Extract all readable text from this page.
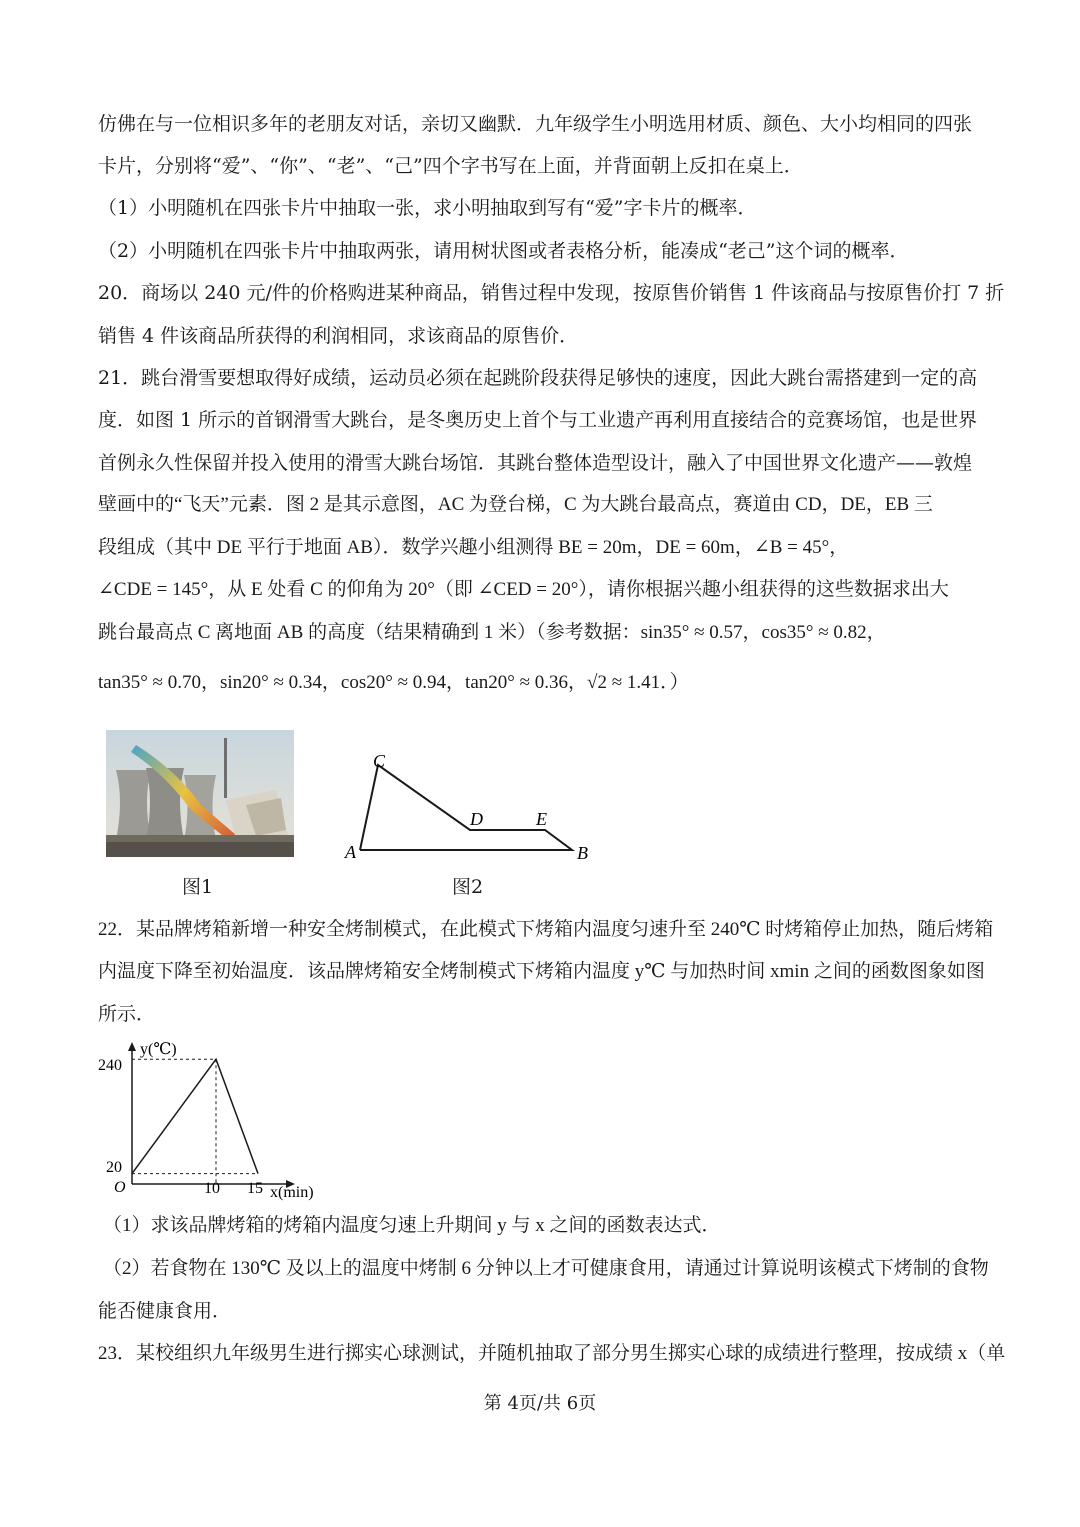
仿佛在与一位相识多年的老朋友对话，亲切又幽默．九年级学生小明选用材质、颜色、大小均相同的四张
卡片，分别将“爱”、“你”、“老”、“己”四个字书写在上面，并背面朝上反扣在桌上．
（1）小明随机在四张卡片中抽取一张，求小明抽取到写有“爱”字卡片的概率．
（2）小明随机在四张卡片中抽取两张，请用树状图或者表格分析，能凑成“老己”这个词的概率．
20．商场以 240 元/件的价格购进某种商品，销售过程中发现，按原售价销售 1 件该商品与按原售价打 7 折
销售 4 件该商品所获得的利润相同，求该商品的原售价．
21．跳台滑雪要想取得好成绩，运动员必须在起跳阶段获得足够快的速度，因此大跳台需搭建到一定的高
度．如图 1 所示的首钢滑雪大跳台，是冬奥历史上首个与工业遗产再利用直接结合的竞赛场馆，也是世界
首例永久性保留并投入使用的滑雪大跳台场馆．其跳台整体造型设计，融入了中国世界文化遗产——敦煌
壁画中的“飞天”元素．图 2 是其示意图，AC 为登台梯，C 为大跳台最高点，赛道由 CD，DE，EB 三
段组成（其中 DE 平行于地面 AB）．数学兴趣小组测得 BE = 20m，DE = 60m，∠B = 45°，
∠CDE = 145°，从 E 处看 C 的仰角为 20°（即 ∠CED = 20°），请你根据兴趣小组获得的这些数据求出大
跳台最高点 C 离地面 AB 的高度（结果精确到 1 米）（参考数据：sin35° ≈ 0.57，cos35° ≈ 0.82，
tan35° ≈ 0.70，sin20° ≈ 0.34，cos20° ≈ 0.94，tan20° ≈ 0.36，√2 ≈ 1.41．）
图1
C
D	E
A	B
图2
22．某品牌烤箱新增一种安全烤制模式，在此模式下烤箱内温度匀速升至 240℃ 时烤箱停止加热，随后烤箱
内温度下降至初始温度．该品牌烤箱安全烤制模式下烤箱内温度 y℃ 与加热时间 xmin 之间的函数图象如图
所示．
y(℃)
x(min)
O
240
20
10 15
（1）求该品牌烤箱的烤箱内温度匀速上升期间 y 与 x 之间的函数表达式．
（2）若食物在 130℃ 及以上的温度中烤制 6 分钟以上才可健康食用，请通过计算说明该模式下烤制的食物
能否健康食用．
23．某校组织九年级男生进行掷实心球测试，并随机抽取了部分男生掷实心球的成绩进行整理，按成绩 x（单
第 4页/共 6页
